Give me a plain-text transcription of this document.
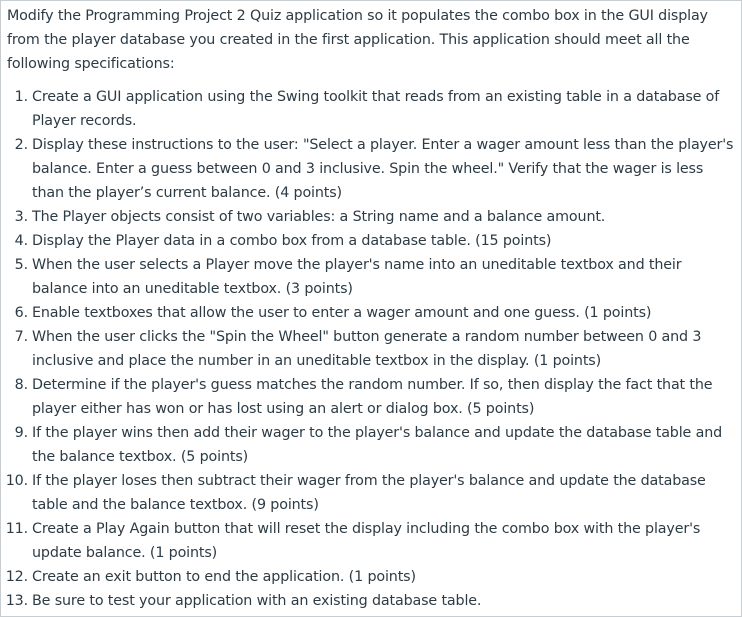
Modify the Programming Project 2 Quiz application so it populates the combo box in the GUI display from the player database you created in the first application. This application should meet all the following specifications:

1. Create a GUI application using the Swing toolkit that reads from an existing table in a database of Player records.
2. Display these instructions to the user: "Select a player. Enter a wager amount less than the player's balance. Enter a guess between 0 and 3 inclusive. Spin the wheel." Verify that the wager is less than the player’s current balance. (4 points)
3. The Player objects consist of two variables: a String name and a balance amount.
4. Display the Player data in a combo box from a database table. (15 points)
5. When the user selects a Player move the player's name into an uneditable textbox and their balance into an uneditable textbox. (3 points)
6. Enable textboxes that allow the user to enter a wager amount and one guess. (1 points)
7. When the user clicks the "Spin the Wheel" button generate a random number between 0 and 3 inclusive and place the number in an uneditable textbox in the display. (1 points)
8. Determine if the player's guess matches the random number. If so, then display the fact that the player either has won or has lost using an alert or dialog box. (5 points)
9. If the player wins then add their wager to the player's balance and update the database table and the balance textbox. (5 points)
10. If the player loses then subtract their wager from the player's balance and update the database table and the balance textbox. (9 points)
11. Create a Play Again button that will reset the display including the combo box with the player's update balance. (1 points)
12. Create an exit button to end the application. (1 points)
13. Be sure to test your application with an existing database table.
